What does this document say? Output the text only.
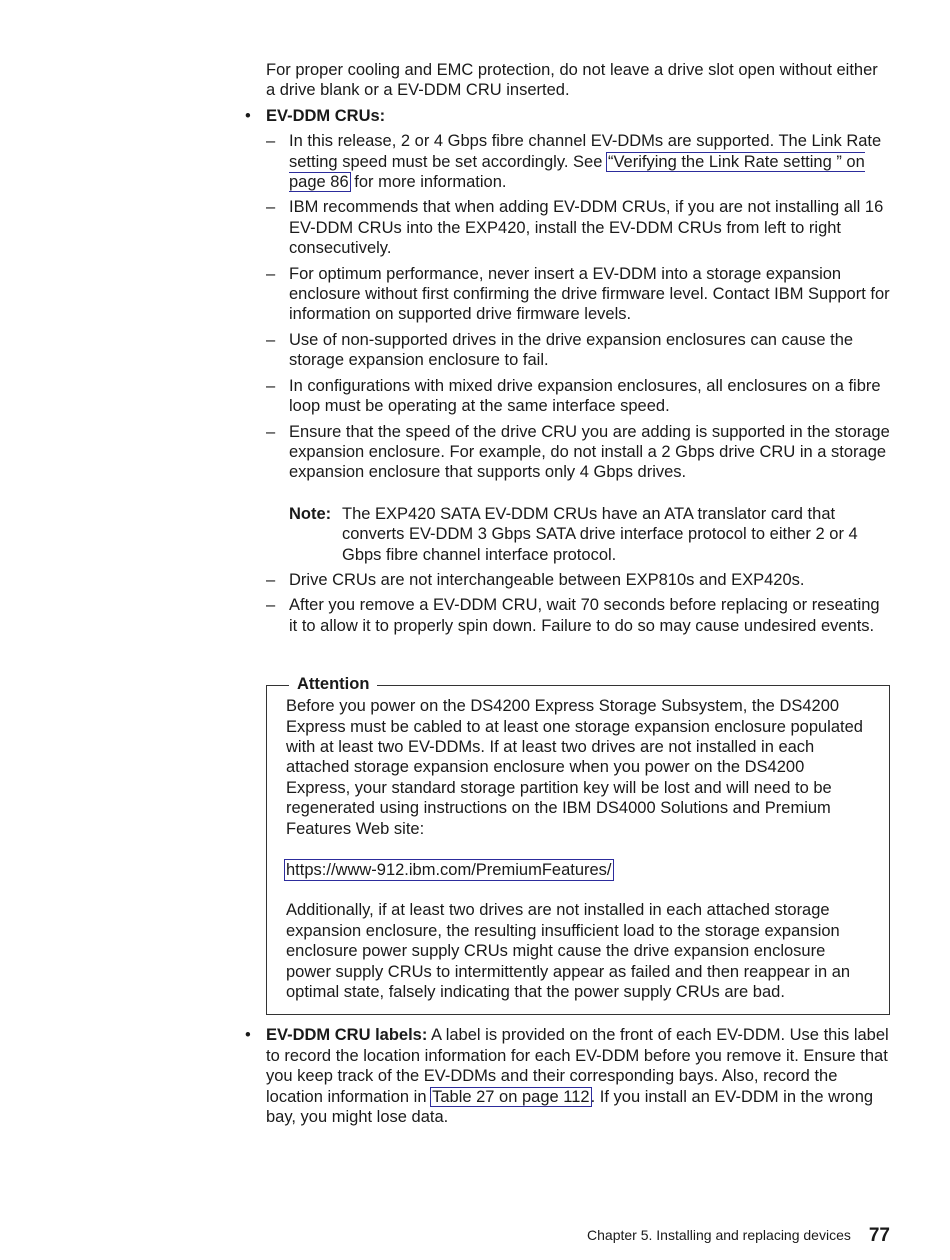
For proper cooling and EMC protection, do not leave a drive slot open without either a drive blank or a EV-DDM CRU inserted.

• EV-DDM CRUs:
– In this release, 2 or 4 Gbps fibre channel EV-DDMs are supported. The Link Rate setting speed must be set accordingly. See “Verifying the Link Rate setting ” on page 86 for more information.
– IBM recommends that when adding EV-DDM CRUs, if you are not installing all 16 EV-DDM CRUs into the EXP420, install the EV-DDM CRUs from left to right consecutively.
– For optimum performance, never insert a EV-DDM into a storage expansion enclosure without first confirming the drive firmware level. Contact IBM Support for information on supported drive firmware levels.
– Use of non-supported drives in the drive expansion enclosures can cause the storage expansion enclosure to fail.
– In configurations with mixed drive expansion enclosures, all enclosures on a fibre loop must be operating at the same interface speed.
– Ensure that the speed of the drive CRU you are adding is supported in the storage expansion enclosure. For example, do not install a 2 Gbps drive CRU in a storage expansion enclosure that supports only 4 Gbps drives.
Note: The EXP420 SATA EV-DDM CRUs have an ATA translator card that converts EV-DDM 3 Gbps SATA drive interface protocol to either 2 or 4 Gbps fibre channel interface protocol.
– Drive CRUs are not interchangeable between EXP810s and EXP420s.
– After you remove a EV-DDM CRU, wait 70 seconds before replacing or reseating it to allow it to properly spin down. Failure to do so may cause undesired events.
Attention

Before you power on the DS4200 Express Storage Subsystem, the DS4200 Express must be cabled to at least one storage expansion enclosure populated with at least two EV-DDMs. If at least two drives are not installed in each attached storage expansion enclosure when you power on the DS4200 Express, your standard storage partition key will be lost and will need to be regenerated using instructions on the IBM DS4000 Solutions and Premium Features Web site:

https://www-912.ibm.com/PremiumFeatures/

Additionally, if at least two drives are not installed in each attached storage expansion enclosure, the resulting insufficient load to the storage expansion enclosure power supply CRUs might cause the drive expansion enclosure power supply CRUs to intermittently appear as failed and then reappear in an optimal state, falsely indicating that the power supply CRUs are bad.

• EV-DDM CRU labels: A label is provided on the front of each EV-DDM. Use this label to record the location information for each EV-DDM before you remove it. Ensure that you keep track of the EV-DDMs and their corresponding bays. Also, record the location information in Table 27 on page 112. If you install an EV-DDM in the wrong bay, you might lose data.
Chapter 5. Installing and replacing devices 77
